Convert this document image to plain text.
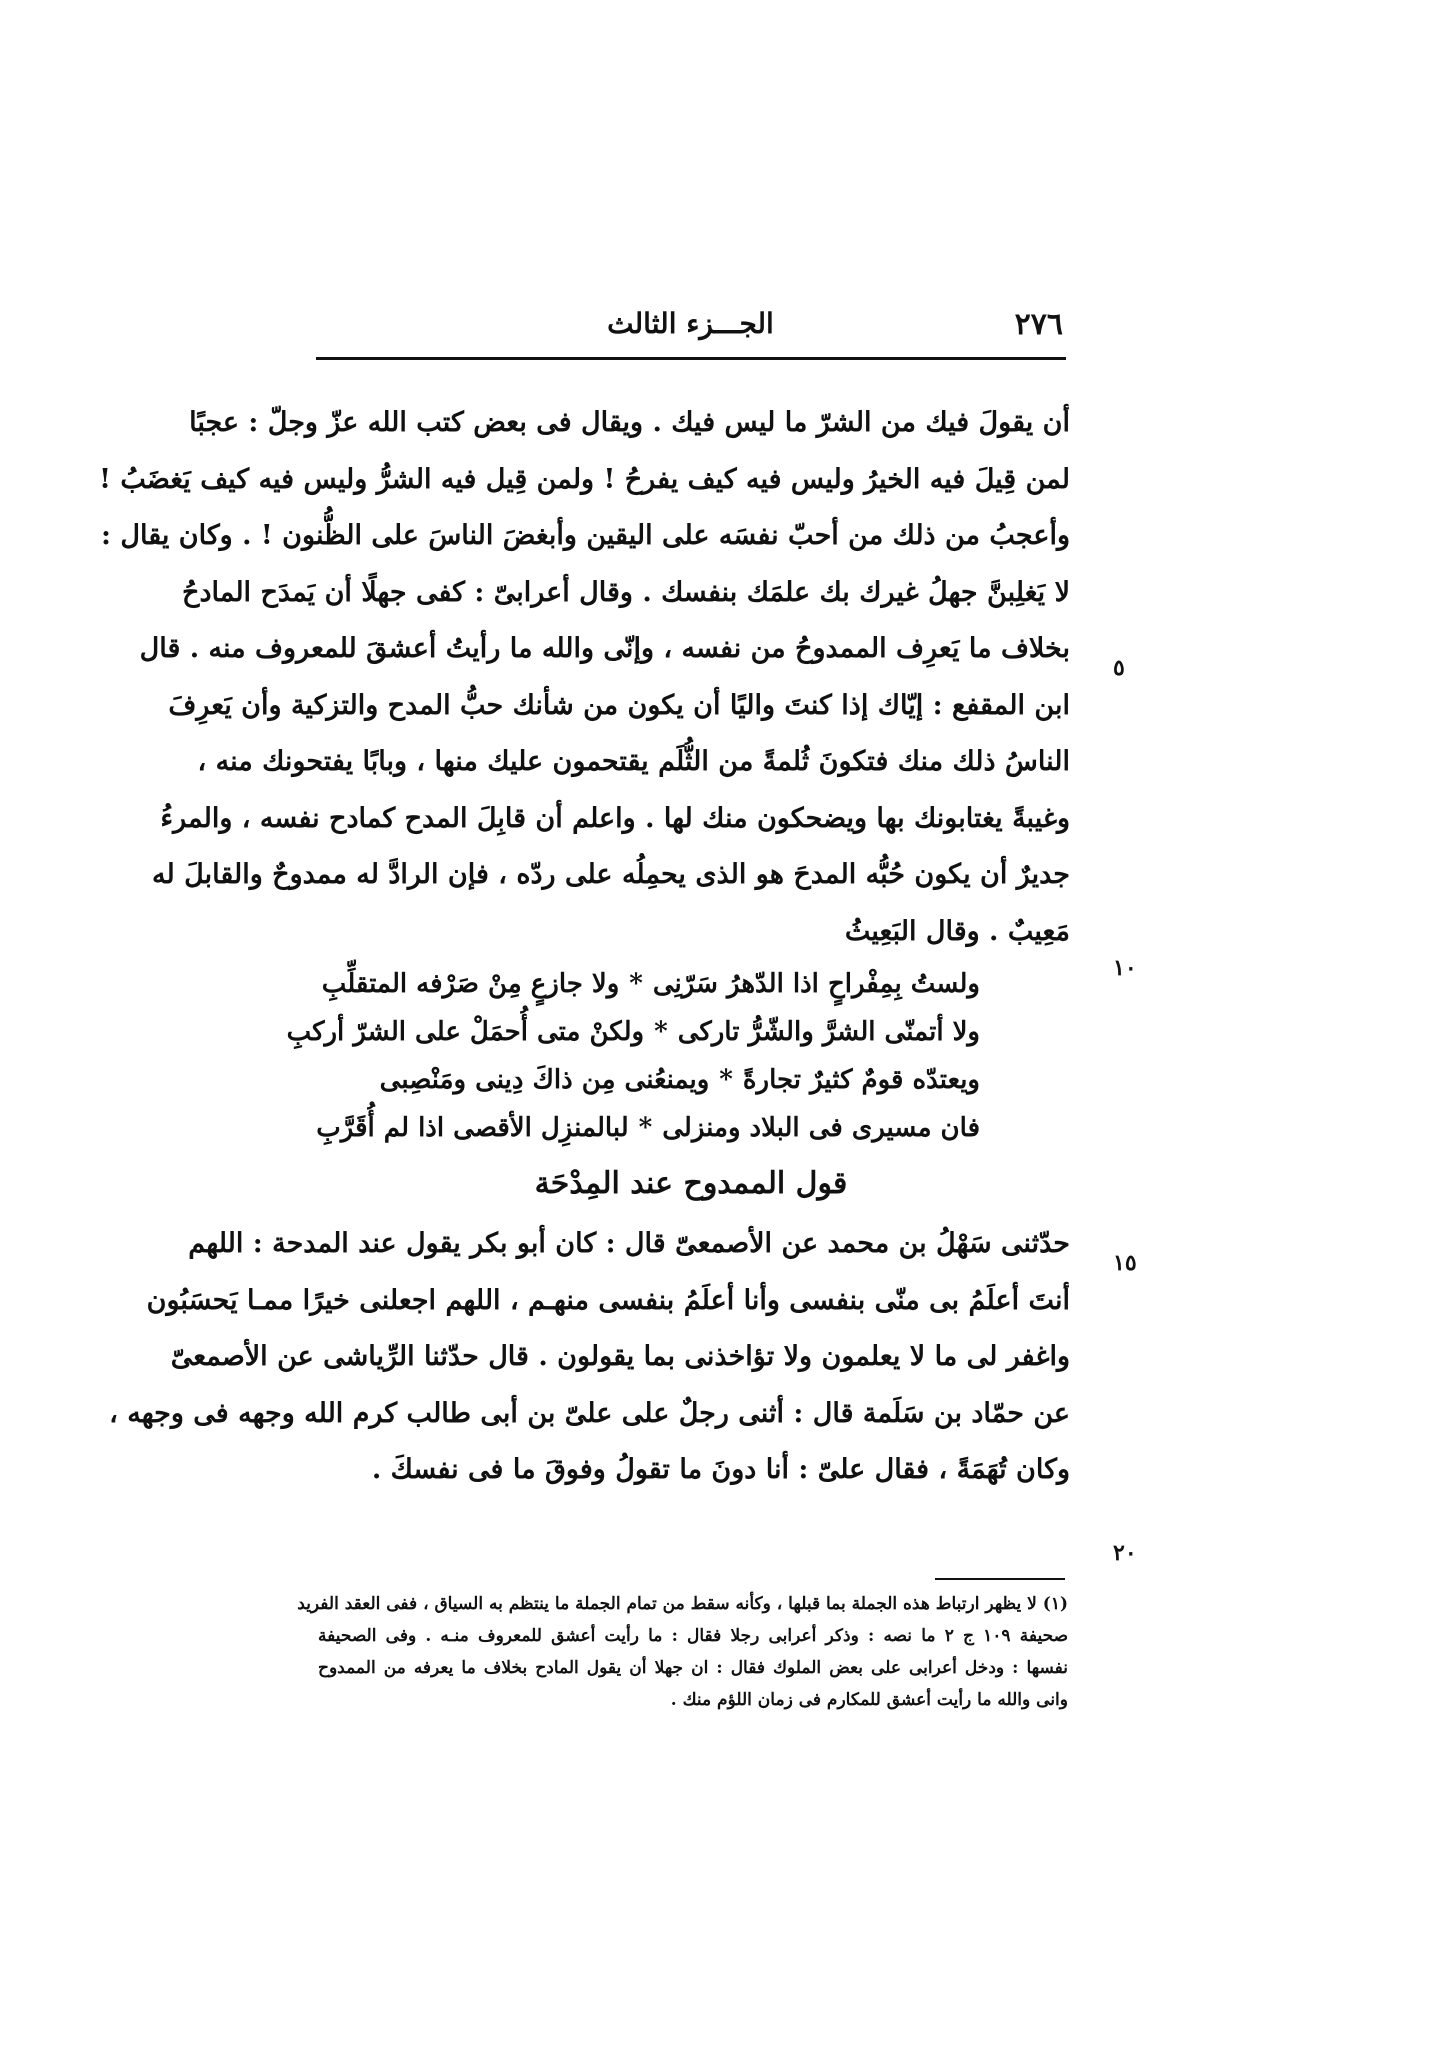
٢٧٦
الجـــزء الثالث
أن يقولَ فيك من الشرّ ما ليس فيك . ويقال فى بعض كتب الله عزّ وجلّ : عجبًا
لمن قِيلَ فيه الخيرُ وليس فيه كيف يفرحُ ! ولمن قِيل فيه الشرُّ وليس فيه كيف يَغضَبُ !
وأعجبُ من ذلك من أحبّ نفسَه على اليقين وأبغضَ الناسَ على الظُّنون ! . وكان يقال :
لا يَغلِبنَّ جهلُ غيرك بك علمَك بنفسك . وقال أعرابىّ : كفى جهلًا أن يَمدَح المادحُ
بخلاف ما يَعرِف الممدوحُ من نفسه ، وإنّى والله ما رأيتُ أعشقَ للمعروف منه . قال
ابن المقفع : إيّاك إذا كنتَ واليًا أن يكون من شأنك حبُّ المدح والتزكية وأن يَعرِفَ
الناسُ ذلك منك فتكونَ ثُلمةً من الثُّلَم يقتحمون عليك منها ، وبابًا يفتحونك منه ،
وغيبةً يغتابونك بها ويضحكون منك لها . واعلم أن قابِلَ المدح كمادح نفسه ، والمرءُ
جديرٌ أن يكون حُبُّه المدحَ هو الذى يحمِلُه على ردّه ، فإن الرادَّ له ممدوحٌ والقابلَ له
مَعِيبٌ . وقال البَعِيثُ
ولستُ بِمِفْراحٍ اذا الدّهرُ سَرّنِى
*
ولا جازعٍ مِنْ صَرْفه المتقلِّبِ
ولا أتمنّى الشرَّ والشّرُّ تاركى
*
ولكنْ متى أُحمَلْ على الشرّ أركبِ
ويعتدّه قومٌ كثيرٌ تجارةً
*
ويمنعُنى مِن ذاكَ دِينى ومَنْصِبى
فان مسيرى فى البلاد ومنزلى
*
لبالمنزِل الأقصى اذا لم أُقَرَّبِ
قول الممدوح عند المِدْحَة
حدّثنى سَهْلُ بن محمد عن الأصمعىّ قال : كان أبو بكر يقول عند المدحة : اللهم
أنتَ أعلَمُ بى منّى بنفسى وأنا أعلَمُ بنفسى منهـم ، اللهم اجعلنى خيرًا ممـا يَحسَبُون
واغفر لى ما لا يعلمون ولا تؤاخذنى بما يقولون . قال حدّثنا الرِّياشى عن الأصمعىّ
عن حمّاد بن سَلَمة قال : أثنى رجلٌ على علىّ بن أبى طالب كرم الله وجهه فى وجهه ،
وكان تُهَمَةً ، فقال علىّ : أنا دونَ ما تقولُ وفوقَ ما فى نفسكَ .
٥
١٠
١٥
٢٠
(١) لا يظهر ارتباط هذه الجملة بما قبلها ، وكأنه سقط من تمام الجملة ما ينتظم به السياق ، ففى العقد الفريد
صحيفة ١٠٩ ج ٢ ما نصه : وذكر أعرابى رجلا فقال : ما رأيت أعشق للمعروف منـه . وفى الصحيفة
نفسها : ودخل أعرابى على بعض الملوك فقال : ان جهلا أن يقول المادح بخلاف ما يعرفه من الممدوح
وانى والله ما رأيت أعشق للمكارم فى زمان اللؤم منك .
